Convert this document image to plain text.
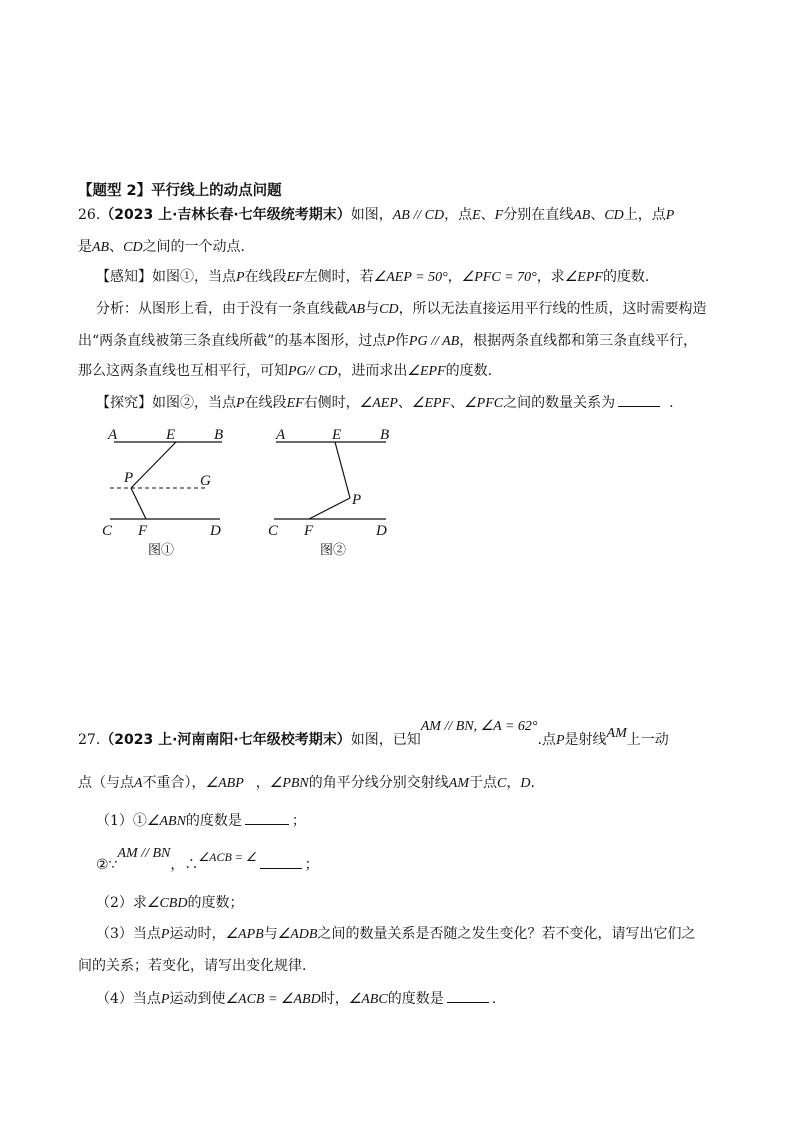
【题型 2】平行线上的动点问题
26.（2023 上·吉林长春·七年级统考期末）如图，AB // CD，点E、F分别在直线AB、CD上，点P
是AB、CD之间的一个动点.
【感知】如图①，当点P在线段EF左侧时，若∠AEP = 50°，∠PFC = 70°，求∠EPF的度数.
分析：从图形上看，由于没有一条直线截AB与CD，所以无法直接运用平行线的性质，这时需要构造
出“两条直线被第三条直线所截”的基本图形，过点P作PG // AB，根据两条直线都和第三条直线平行，
那么这两条直线也互相平行，可知PG// CD，进而求出∠EPF的度数.
【探究】如图②，当点P在线段EF右侧时，∠AEP、∠EPF、∠PFC之间的数量关系为	.
A	E	B
P	G
C F	D
图①
A	E	B
P
C F	D
图②
27.（2023 上·河南南阳·七年级校考期末）如图，已知AM // BN, ∠A = 62°.点P是射线AM上一动
点（与点A不重合），∠ABP ，∠PBN的角平分线分别交射线AM于点C，D.
（1）①∠ABN的度数是	；
②∵AM // BN，∴∠ACB = ∠	；
（2）求∠CBD的度数；
（3）当点P运动时，∠APB与∠ADB之间的数量关系是否随之发生变化？若不变化，请写出它们之
间的关系；若变化，请写出变化规律.
（4）当点P运动到使∠ACB = ∠ABD时，∠ABC的度数是	.
